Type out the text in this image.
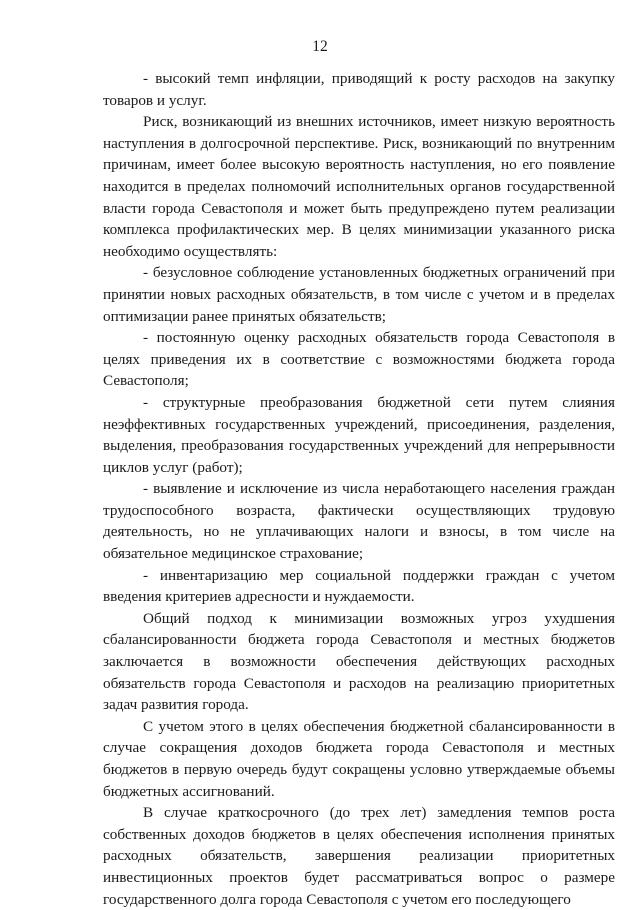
12

- высокий темп инфляции, приводящий к росту расходов на закупку товаров и услуг.

Риск, возникающий из внешних источников, имеет низкую вероятность наступления в долгосрочной перспективе. Риск, возникающий по внутренним причинам, имеет более высокую вероятность наступления, но его появление находится в пределах полномочий исполнительных органов государственной власти города Севастополя и может быть предупреждено путем реализации комплекса профилактических мер. В целях минимизации указанного риска необходимо осуществлять:

- безусловное соблюдение установленных бюджетных ограничений при принятии новых расходных обязательств, в том числе с учетом и в пределах оптимизации ранее принятых обязательств;

- постоянную оценку расходных обязательств города Севастополя в целях приведения их в соответствие с возможностями бюджета города Севастополя;

- структурные преобразования бюджетной сети путем слияния неэффективных государственных учреждений, присоединения, разделения, выделения, преобразования государственных учреждений для непрерывности циклов услуг (работ);

- выявление и исключение из числа неработающего населения граждан трудоспособного возраста, фактически осуществляющих трудовую деятельность, но не уплачивающих налоги и взносы, в том числе на обязательное медицинское страхование;

- инвентаризацию мер социальной поддержки граждан с учетом введения критериев адресности и нуждаемости.

Общий подход к минимизации возможных угроз ухудшения сбалансированности бюджета города Севастополя и местных бюджетов заключается в возможности обеспечения действующих расходных обязательств города Севастополя и расходов на реализацию приоритетных задач развития города.

С учетом этого в целях обеспечения бюджетной сбалансированности в случае сокращения доходов бюджета города Севастополя и местных бюджетов в первую очередь будут сокращены условно утверждаемые объемы бюджетных ассигнований.

В случае краткосрочного (до трех лет) замедления темпов роста собственных доходов бюджетов в целях обеспечения исполнения принятых расходных обязательств, завершения реализации приоритетных инвестиционных проектов будет рассматриваться вопрос о размере государственного долга города Севастополя с учетом его последующего
